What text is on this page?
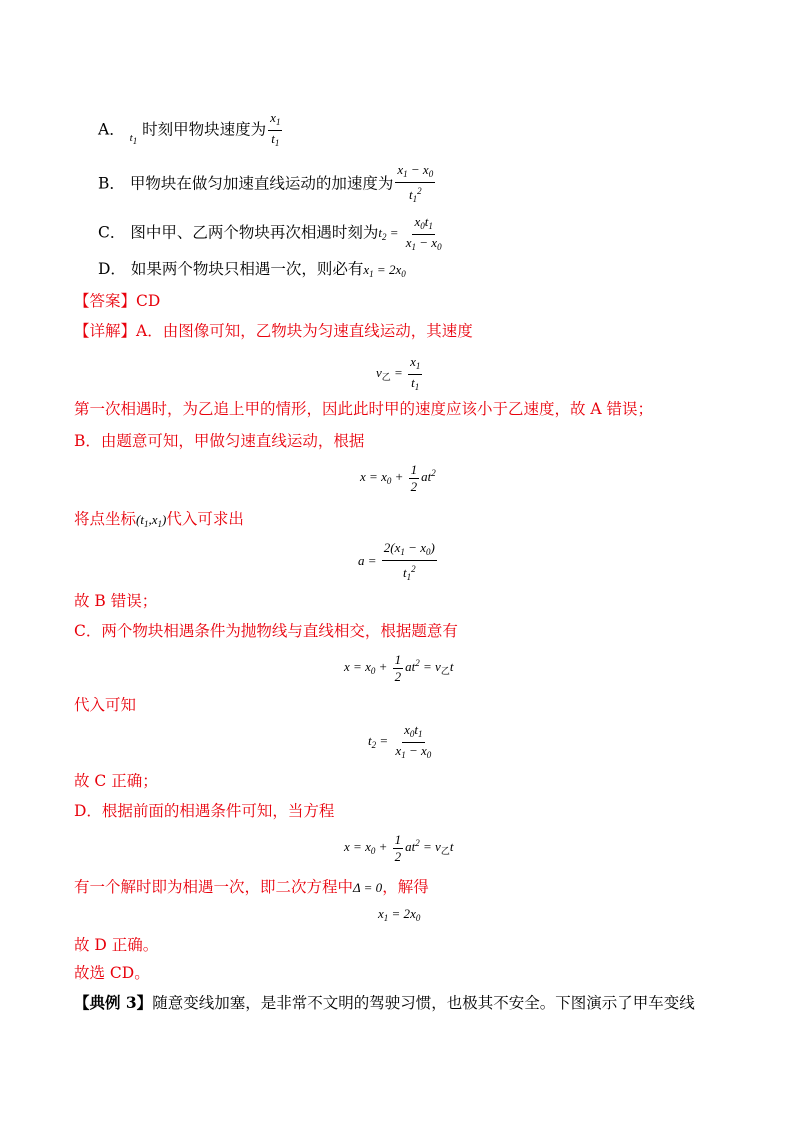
A． $_{t_1}$ 时刻甲物块速度为 $\frac{x_1}{t_1}$
B． 甲物块在做匀加速直线运动的加速度为 $\frac{x_1 - x_0}{t_1^2}$
C． 图中甲、乙两个物块再次相遇时刻为$t_2 = \frac{x_0t_1}{x_1 - x_0}$
D． 如果两个物块只相遇一次，则必有$x_1 = 2x_0$
【答案】CD
【详解】A．由图像可知，乙物块为匀速直线运动，其速度
$v_乙 = \frac{x_1}{t_1}$
第一次相遇时，为乙追上甲的情形，因此此时甲的速度应该小于乙速度，故 A 错误；
B．由题意可知，甲做匀速直线运动，根据
$x = x_0 + \frac{1}{2} at^2$
将点坐标$(t_1,x_1)$代入可求出
$a = \frac{2(x_1 - x_0)}{t_1^2}$
故 B 错误；
C．两个物块相遇条件为抛物线与直线相交，根据题意有
$x = x_0 + \frac{1}{2} at^2 = v_乙t$
代入可知
$t_2 = \frac{x_0t_1}{x_1 - x_0}$
故 C 正确；
D．根据前面的相遇条件可知，当方程
$x = x_0 + \frac{1}{2} at^2 = v_乙t$
有一个解时即为相遇一次，即二次方程中Δ = 0，解得
$x_1 = 2x_0$
故 D 正确。
故选 CD。
【典例 3】随意变线加塞，是非常不文明的驾驶习惯，也极其不安全。下图演示了甲车变线
